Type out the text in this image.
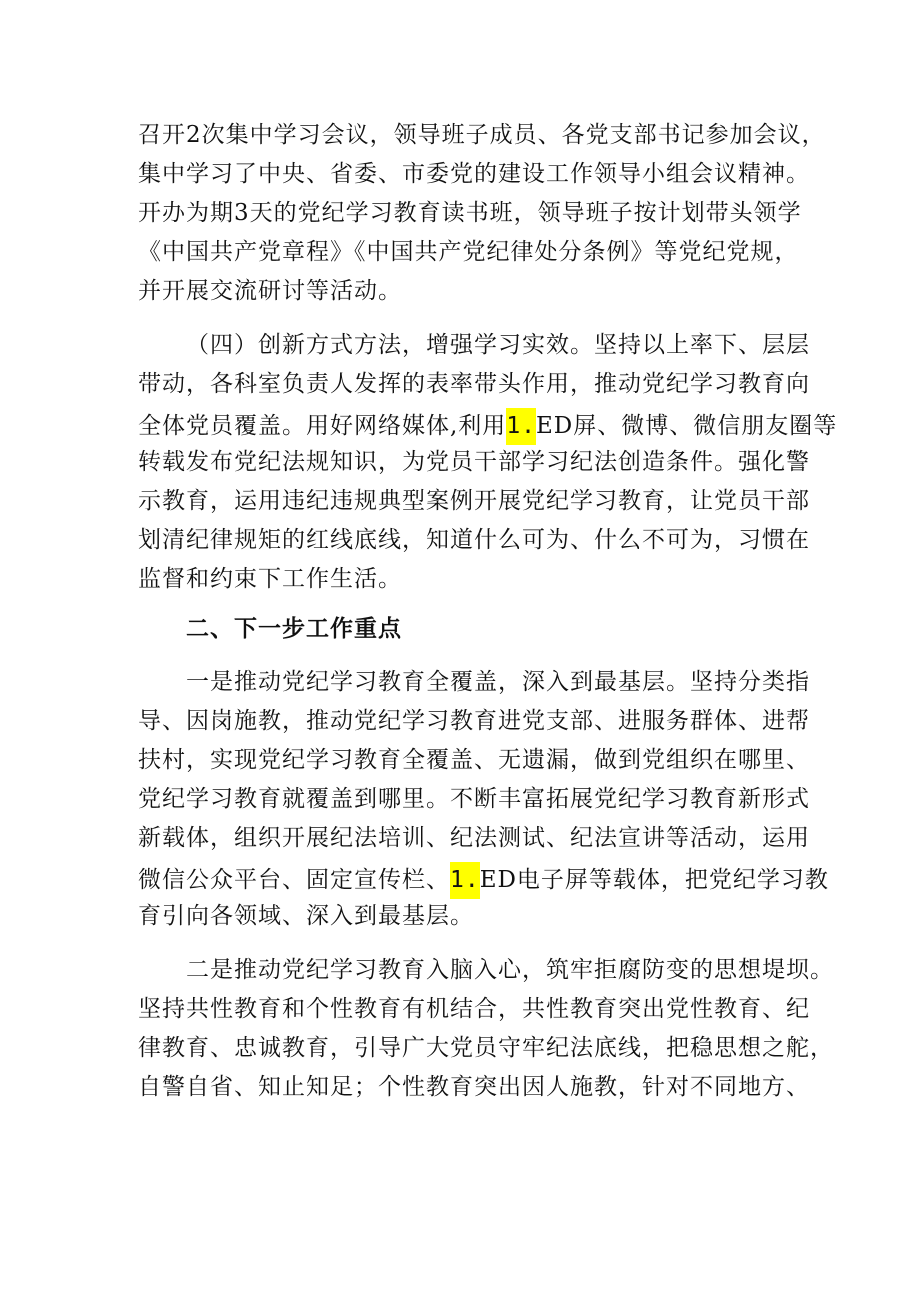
召开2次集中学习会议，领导班子成员、各党支部书记参加会议，
集中学习了中央、省委、市委党的建设工作领导小组会议精神。
开办为期3天的党纪学习教育读书班，领导班子按计划带头领学
《中国共产党章程》《中国共产党纪律处分条例》等党纪党规，
并开展交流研讨等活动。
（四）创新方式方法，增强学习实效。坚持以上率下、层层
带动，各科室负责人发挥的表率带头作用，推动党纪学习教育向
全体党员覆盖。用好网络媒体,利用1.ED屏、微博、微信朋友圈等
转载发布党纪法规知识，为党员干部学习纪法创造条件。强化警
示教育，运用违纪违规典型案例开展党纪学习教育，让党员干部
划清纪律规矩的红线底线，知道什么可为、什么不可为，习惯在
监督和约束下工作生活。
二、下一步工作重点
一是推动党纪学习教育全覆盖，深入到最基层。坚持分类指
导、因岗施教，推动党纪学习教育进党支部、进服务群体、进帮
扶村，实现党纪学习教育全覆盖、无遗漏，做到党组织在哪里、
党纪学习教育就覆盖到哪里。不断丰富拓展党纪学习教育新形式
新载体，组织开展纪法培训、纪法测试、纪法宣讲等活动，运用
微信公众平台、固定宣传栏、1.ED电子屏等载体，把党纪学习教
育引向各领域、深入到最基层。
二是推动党纪学习教育入脑入心，筑牢拒腐防变的思想堤坝。
坚持共性教育和个性教育有机结合，共性教育突出党性教育、纪
律教育、忠诚教育，引导广大党员守牢纪法底线，把稳思想之舵，
自警自省、知止知足；个性教育突出因人施教，针对不同地方、
